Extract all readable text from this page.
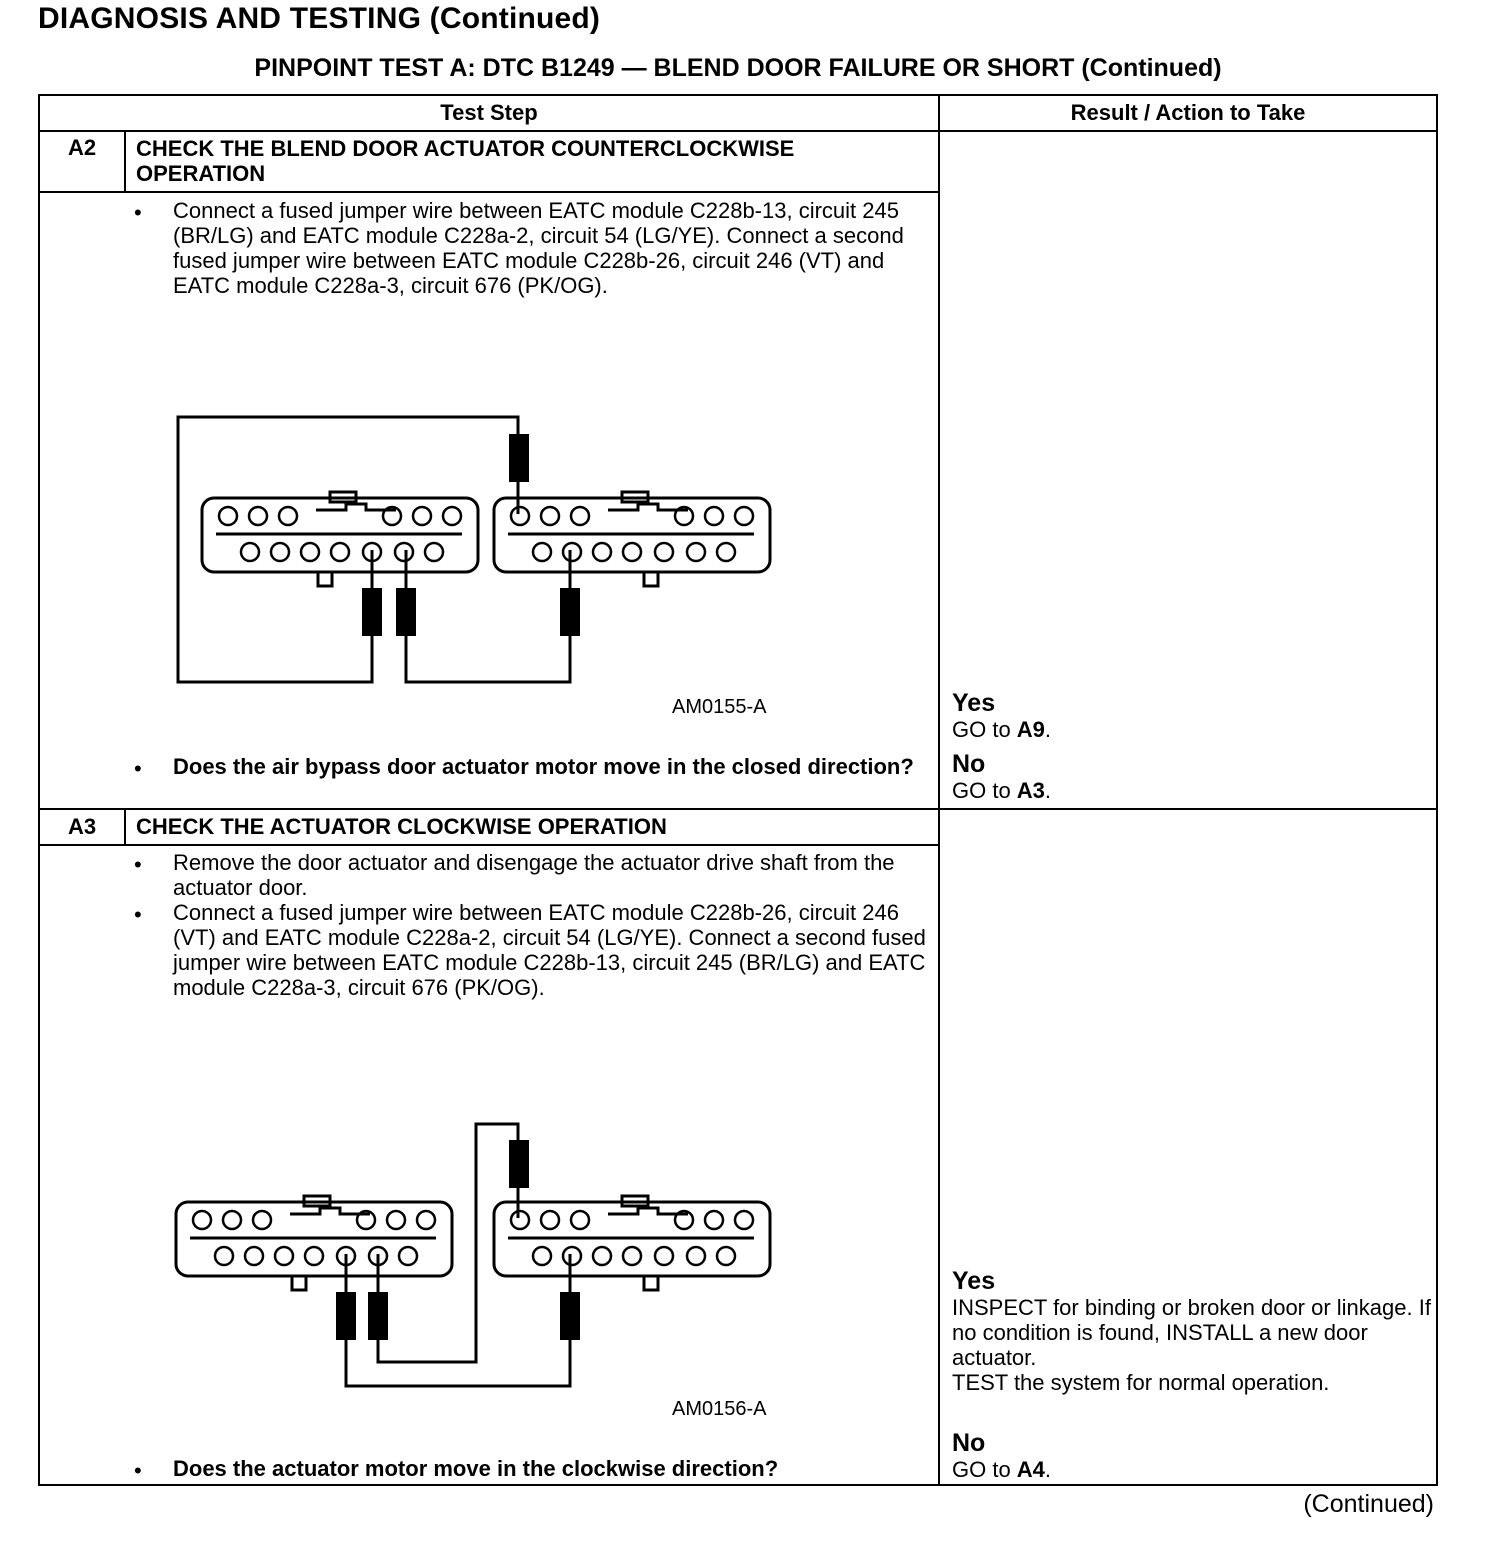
DIAGNOSIS AND TESTING (Continued)
PINPOINT TEST A: DTC B1249 — BLEND DOOR FAILURE OR SHORT (Continued)
Test Step	Result / Action to Take
A2	CHECK THE BLEND DOOR ACTUATOR COUNTERCLOCKWISE OPERATION
• Connect a fused jumper wire between EATC module C228b-13, circuit 245 (BR/LG) and EATC module C228a-2, circuit 54 (LG/YE). Connect a second fused jumper wire between EATC module C228b-26, circuit 246 (VT) and EATC module C228a-3, circuit 676 (PK/OG).
AM0155-A
• Does the air bypass door actuator motor move in the closed direction?
Yes
GO to A9.
No
GO to A3.
A3	CHECK THE ACTUATOR CLOCKWISE OPERATION
• Remove the door actuator and disengage the actuator drive shaft from the actuator door.
• Connect a fused jumper wire between EATC module C228b-26, circuit 246 (VT) and EATC module C228a-2, circuit 54 (LG/YE). Connect a second fused jumper wire between EATC module C228b-13, circuit 245 (BR/LG) and EATC module C228a-3, circuit 676 (PK/OG).
AM0156-A
• Does the actuator motor move in the clockwise direction?
Yes
INSPECT for binding or broken door or linkage. If no condition is found, INSTALL a new door actuator.
TEST the system for normal operation.
No
GO to A4.
(Continued)
